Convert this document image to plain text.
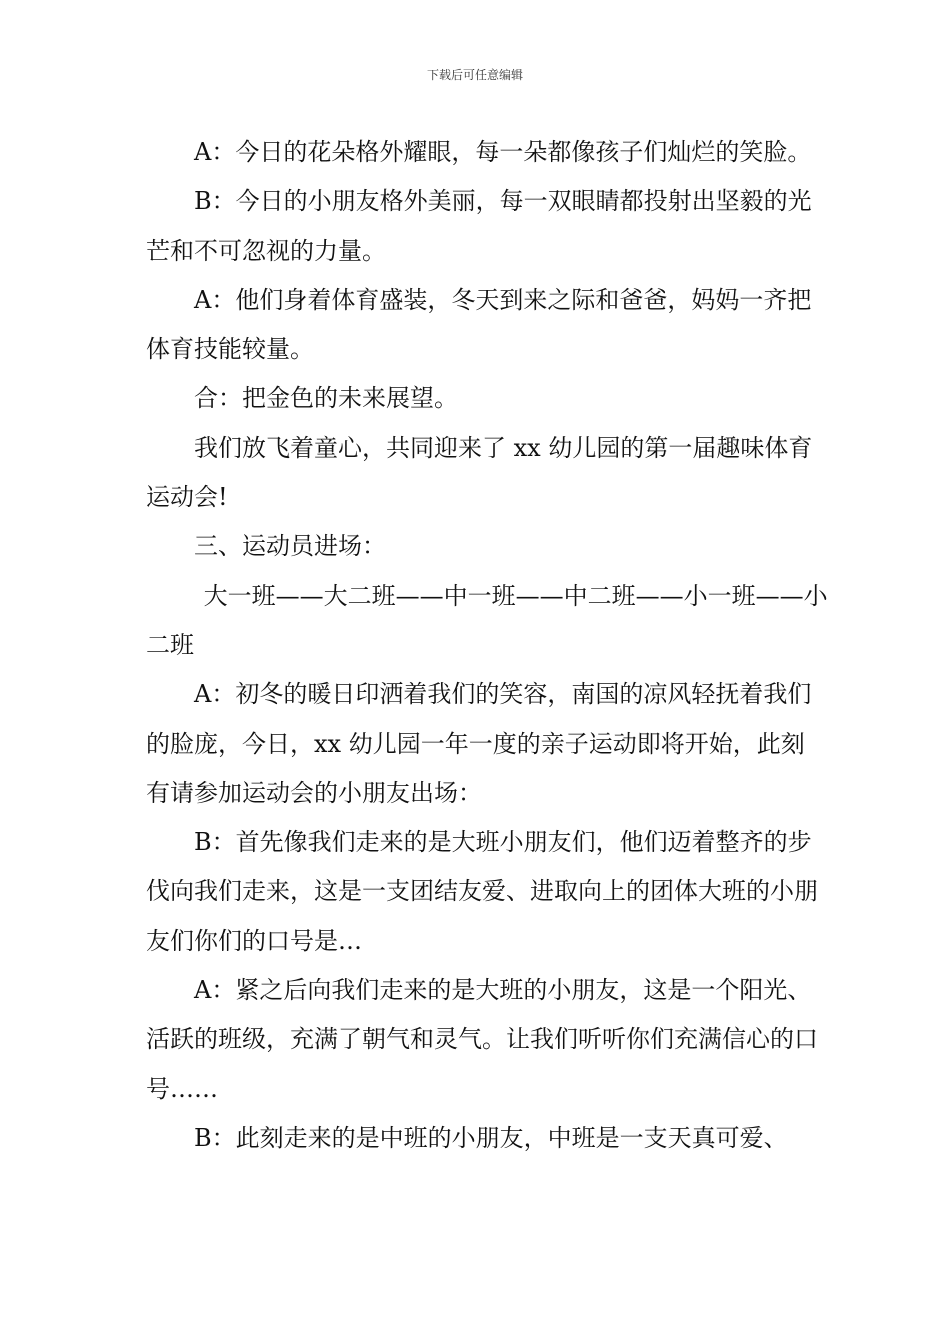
下载后可任意编辑

A：今日的花朵格外耀眼，每一朵都像孩子们灿烂的笑脸。

B：今日的小朋友格外美丽，每一双眼睛都投射出坚毅的光芒和不可忽视的力量。

A：他们身着体育盛装，冬天到来之际和爸爸，妈妈一齐把体育技能较量。

合：把金色的未来展望。

我们放飞着童心，共同迎来了 xx 幼儿园的第一届趣味体育运动会!

三、运动员进场：

大一班——大二班——中一班——中二班——小一班——小二班

A：初冬的暖日印洒着我们的笑容，南国的凉风轻抚着我们的脸庞，今日，xx 幼儿园一年一度的亲子运动即将开始，此刻有请参加运动会的小朋友出场：

B：首先像我们走来的是大班小朋友们，他们迈着整齐的步伐向我们走来，这是一支团结友爱、进取向上的团体大班的小朋友们你们的口号是…

A：紧之后向我们走来的是大班的小朋友，这是一个阳光、活跃的班级，充满了朝气和灵气。让我们听听你们充满信心的口号……

B：此刻走来的是中班的小朋友，中班是一支天真可爱、
